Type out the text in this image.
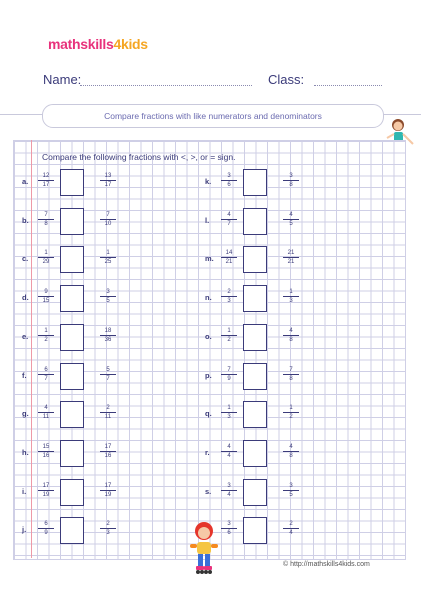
mathskills4kids
Name:	Class:
Compare fractions with like numerators and denominators
Compare the following fractions with <, >, or = sign.
a. $\frac{12}{17}$	$\frac{13}{17}$
b. $\frac{7}{8}$	$\frac{7}{10}$
c. $\frac{1}{29}$	$\frac{1}{25}$
d. $\frac{9}{15}$	$\frac{3}{5}$
e. $\frac{1}{2}$	$\frac{18}{36}$
f. $\frac{6}{7}$	$\frac{5}{7}$
g. $\frac{4}{11}$	$\frac{2}{11}$
h. $\frac{15}{16}$	$\frac{17}{16}$
i. $\frac{17}{19}$	$\frac{17}{19}$
j. $\frac{6}{9}$	$\frac{2}{3}$
k. $\frac{3}{6}$	$\frac{3}{8}$
l. $\frac{4}{7}$	$\frac{4}{5}$
m. $\frac{14}{21}$	$\frac{21}{21}$
n. $\frac{2}{3}$	$\frac{1}{3}$
o. $\frac{1}{2}$	$\frac{4}{8}$
p. $\frac{7}{9}$	$\frac{7}{8}$
q. $\frac{1}{3}$	$\frac{1}{2}$
r. $\frac{4}{4}$	$\frac{4}{8}$
s. $\frac{3}{4}$	$\frac{3}{5}$
$\frac{3}{6}$	$\frac{2}{4}$
© http://mathskills4kids.com
